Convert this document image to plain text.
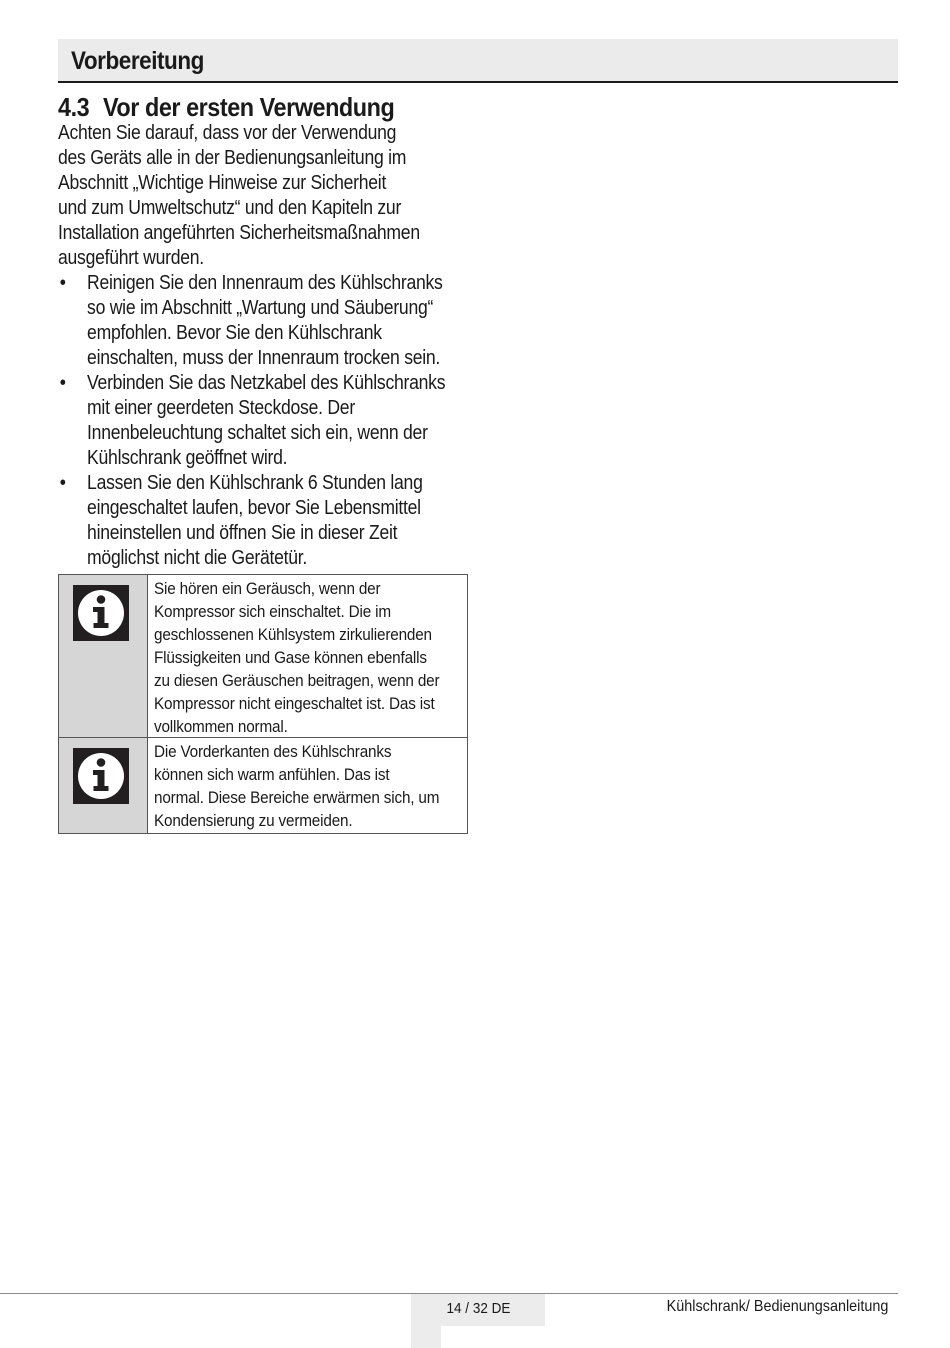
Vorbereitung
4.3 Vor der ersten Verwendung
Achten Sie darauf, dass vor der Verwendung
des Geräts alle in der Bedienungsanleitung im
Abschnitt „Wichtige Hinweise zur Sicherheit
und zum Umweltschutz“ und den Kapiteln zur
Installation angeführten Sicherheitsmaßnahmen
ausgeführt wurden.
• Reinigen Sie den Innenraum des Kühlschranks
so wie im Abschnitt „Wartung und Säuberung“
empfohlen. Bevor Sie den Kühlschrank
einschalten, muss der Innenraum trocken sein.
• Verbinden Sie das Netzkabel des Kühlschranks
mit einer geerdeten Steckdose. Der
Innenbeleuchtung schaltet sich ein, wenn der
Kühlschrank geöffnet wird.
• Lassen Sie den Kühlschrank 6 Stunden lang
eingeschaltet laufen, bevor Sie Lebensmittel
hineinstellen und öffnen Sie in dieser Zeit
möglichst nicht die Gerätetür.
Sie hören ein Geräusch, wenn der
Kompressor sich einschaltet. Die im
geschlossenen Kühlsystem zirkulierenden
Flüssigkeiten und Gase können ebenfalls
zu diesen Geräuschen beitragen, wenn der
Kompressor nicht eingeschaltet ist. Das ist
vollkommen normal.
Die Vorderkanten des Kühlschranks
können sich warm anfühlen. Das ist
normal. Diese Bereiche erwärmen sich, um
Kondensierung zu vermeiden.
14 / 32 DE	Kühlschrank/ Bedienungsanleitung
